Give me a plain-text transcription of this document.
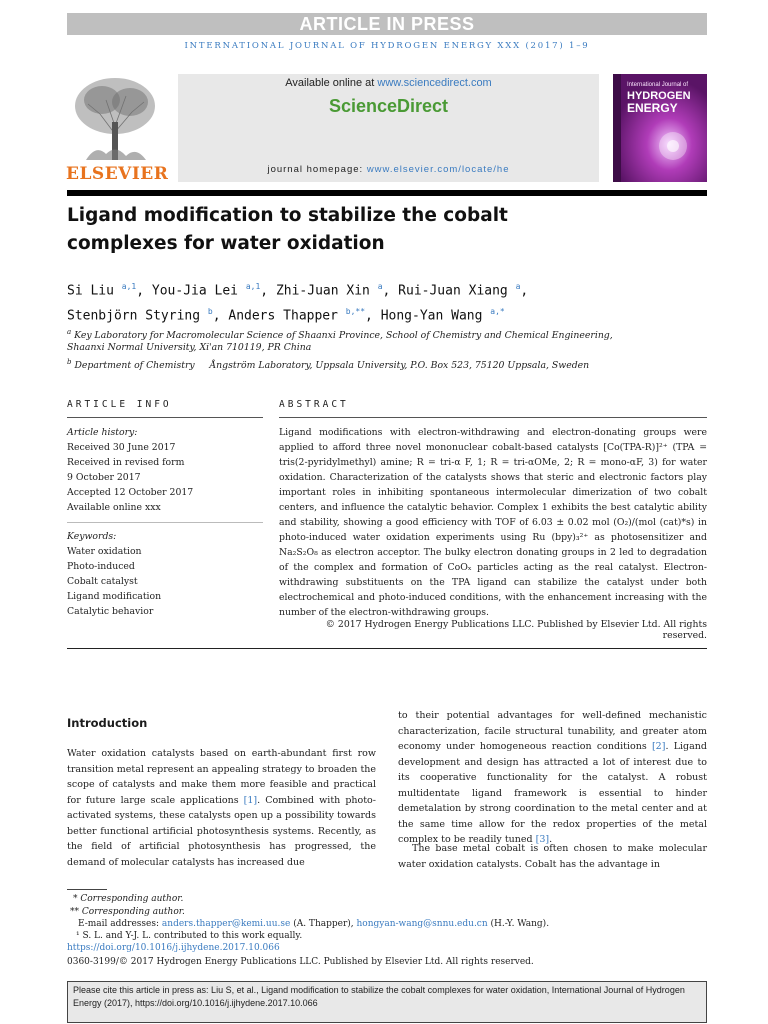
ARTICLE IN PRESS
INTERNATIONAL JOURNAL OF HYDROGEN ENERGY XXX (2017) 1–9
ELSEVIER
Available online at www.sciencedirect.com
ScienceDirect
journal homepage: www.elsevier.com/locate/he
International Journal of
HYDROGEN
ENERGY
Ligand modification to stabilize the cobalt
complexes for water oxidation
Si Liu $^{a,1}$, You-Jia Lei $^{a,1}$, Zhi-Juan Xin $^a$, Rui-Juan Xiang $^a$,
Stenbjörn Styring $^b$, Anders Thapper $^{b,**}$, Hong-Yan Wang $^{a,*}$
$^a$ Key Laboratory for Macromolecular Science of Shaanxi Province, School of Chemistry and Chemical Engineering,
Shaanxi Normal University, Xi'an 710119, PR China
$^b$ Department of Chemistry     Ångström Laboratory, Uppsala University, P.O. Box 523, 75120 Uppsala, Sweden
ARTICLE INFO
Article history:
Received 30 June 2017
Received in revised form
9 October 2017
Accepted 12 October 2017
Available online xxx
Keywords:
Water oxidation
Photo-induced
Cobalt catalyst
Ligand modification
Catalytic behavior
ABSTRACT
Ligand modifications with electron-withdrawing and electron-donating groups were applied to afford three novel mononuclear cobalt-based catalysts [Co(TPA-R)]²⁺ (TPA = tris(2-pyridylmethyl) amine; R = tri-α F, 1; R = tri-αOMe, 2; R = mono-αF, 3) for water oxidation. Characterization of the catalysts shows that steric and electronic factors play important roles in inhibiting spontaneous intermolecular dimerization of two cobalt centers, and influence the catalytic behavior. Complex 1 exhibits the best catalytic ability and stability, showing a good efficiency with TOF of 6.03 ± 0.02 mol (O₂)/(mol (cat)*s) in photo-induced water oxidation experiments using Ru (bpy)₃²⁺ as photosensitizer and Na₂S₂O₈ as electron acceptor. The bulky electron donating groups in 2 led to degradation of the complex and formation of CoOₓ particles acting as the real catalyst. Electron-withdrawing substituents on the TPA ligand can stabilize the catalyst under both electrochemical and photo-induced conditions, with the enhancement increasing with the number of the electron-withdrawing groups.
© 2017 Hydrogen Energy Publications LLC. Published by Elsevier Ltd. All rights reserved.
Introduction
Water oxidation catalysts based on earth-abundant first row transition metal represent an appealing strategy to broaden the scope of catalysts and make them more feasible and practical for future large scale applications [1]. Combined with photo-activated systems, these catalysts open up a possibility towards better functional artificial photosynthesis systems. Recently, as the field of artificial photosynthesis has progressed, the demand of molecular catalysts has increased due
to their potential advantages for well-defined mechanistic characterization, facile structural tunability, and greater atom economy under homogeneous reaction conditions [2]. Ligand development and design has attracted a lot of interest due to its cooperative functionality for the catalyst. A robust multidentate ligand framework is essential to hinder demetalation by strong coordination to the metal center and at the same time allow for the redox properties of the metal complex to be readily tuned [3].
The base metal cobalt is often chosen to make molecular water oxidation catalysts. Cobalt has the advantage in
* Corresponding author.
** Corresponding author.
E-mail addresses: anders.thapper@kemi.uu.se (A. Thapper), hongyan-wang@snnu.edu.cn (H.-Y. Wang).
¹ S. L. and Y-J. L. contributed to this work equally.
https://doi.org/10.1016/j.ijhydene.2017.10.066
0360-3199/© 2017 Hydrogen Energy Publications LLC. Published by Elsevier Ltd. All rights reserved.
Please cite this article in press as: Liu S, et al., Ligand modification to stabilize the cobalt complexes for water oxidation, International Journal of Hydrogen Energy (2017), https://doi.org/10.1016/j.ijhydene.2017.10.066
